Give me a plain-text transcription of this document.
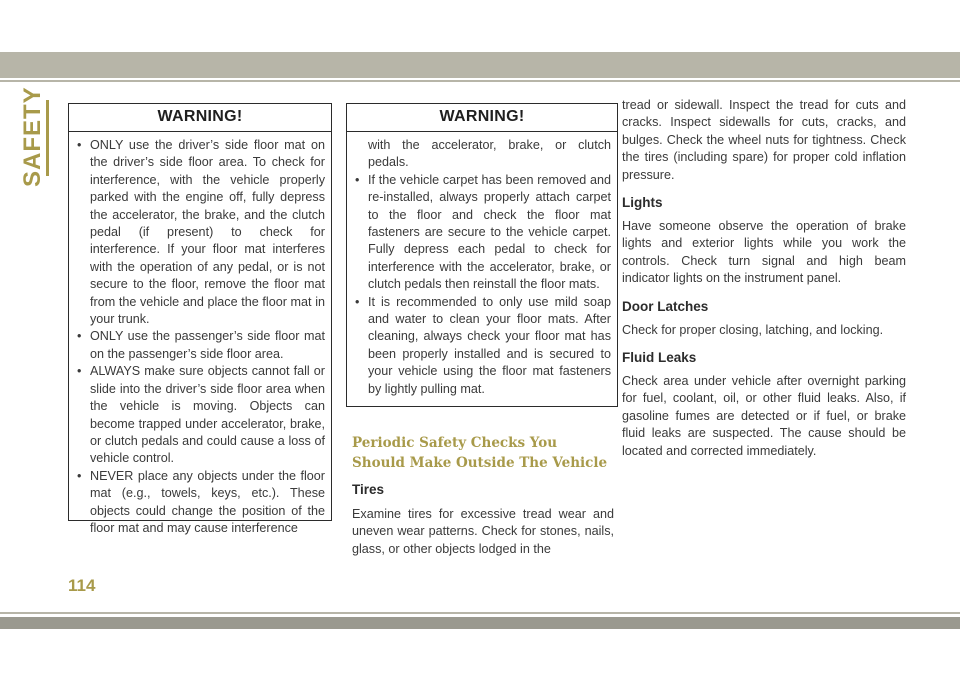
SAFETY	WARNING!
• ONLY use the driver’s side floor mat on the driver’s side floor area. To check for interference, with the vehicle properly parked with the engine off, fully depress the accelerator, the brake, and the clutch pedal (if present) to check for interference. If your floor mat interferes with the operation of any pedal, or is not secure to the floor, remove the floor mat from the vehicle and place the floor mat in your trunk.
• ONLY use the passenger’s side floor mat on the passenger’s side floor area.
• ALWAYS make sure objects cannot fall or slide into the driver’s side floor area when the vehicle is moving. Objects can become trapped under accelerator, brake, or clutch pedals and could cause a loss of vehicle control.
• NEVER place any objects under the floor mat (e.g., towels, keys, etc.). These objects could change the position of the floor mat and may cause interference
WARNING!

with the accelerator, brake, or clutch pedals.

• If the vehicle carpet has been removed and re-installed, always properly attach carpet to the floor and check the floor mat fasteners are secure to the vehicle carpet. Fully depress each pedal to check for interference with the accelerator, brake, or clutch pedals then reinstall the floor mats.
• It is recommended to only use mild soap and water to clean your floor mats. After cleaning, always check your floor mat has been properly installed and is secured to your vehicle using the floor mat fasteners by lightly pulling mat.

Periodic Safety Checks You Should Make Outside The Vehicle

Tires

Examine tires for excessive tread wear and uneven wear patterns. Check for stones, nails, glass, or other objects lodged in the

tread or sidewall. Inspect the tread for cuts and cracks. Inspect sidewalls for cuts, cracks, and bulges. Check the wheel nuts for tightness. Check the tires (including spare) for proper cold inflation pressure.

Lights

Have someone observe the operation of brake lights and exterior lights while you work the controls. Check turn signal and high beam indicator lights on the instrument panel.

Door Latches

Check for proper closing, latching, and locking.

Fluid Leaks

Check area under vehicle after overnight parking for fuel, coolant, oil, or other fluid leaks. Also, if gasoline fumes are detected or if fuel, or brake fluid leaks are suspected. The cause should be located and corrected immediately.

114
